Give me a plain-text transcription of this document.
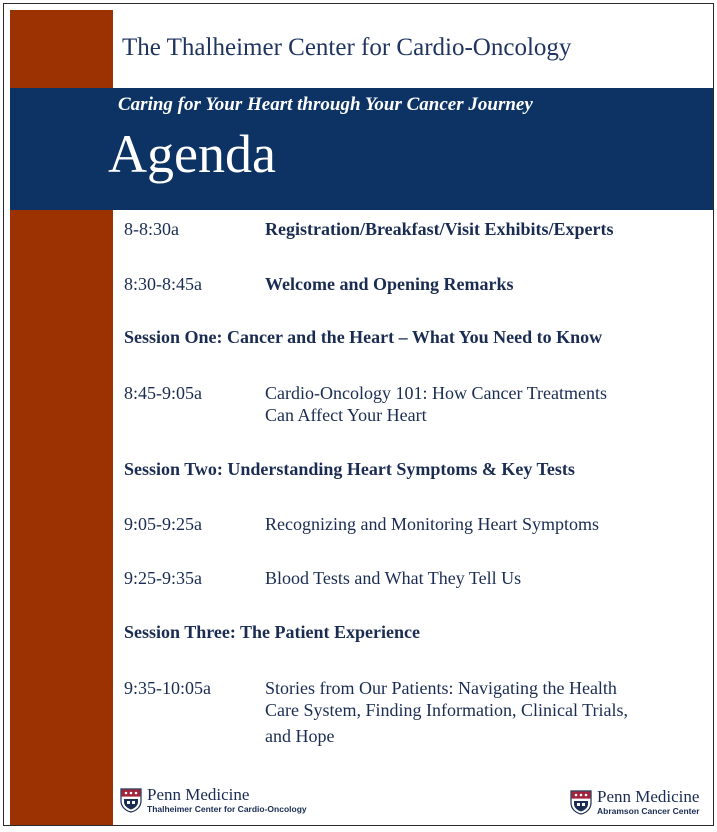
The Thalheimer Center for Cardio-Oncology
Caring for Your Heart through Your Cancer Journey
Agenda
8-8:30a	Registration/Breakfast/Visit Exhibits/Experts
8:30-8:45a	Welcome and Opening Remarks
Session One: Cancer and the Heart – What You Need to Know
8:45-9:05a	Cardio-Oncology 101: How Cancer Treatments
Can Affect Your Heart
Session Two: Understanding Heart Symptoms & Key Tests
9:05-9:25a	Recognizing and Monitoring Heart Symptoms
9:25-9:35a	Blood Tests and What They Tell Us
Session Three: The Patient Experience
9:35-10:05a	Stories from Our Patients: Navigating the Health
Care System, Finding Information, Clinical Trials,
and Hope
Penn Medicine
Thalheimer Center for Cardio-Oncology
Penn Medicine
Abramson Cancer Center
